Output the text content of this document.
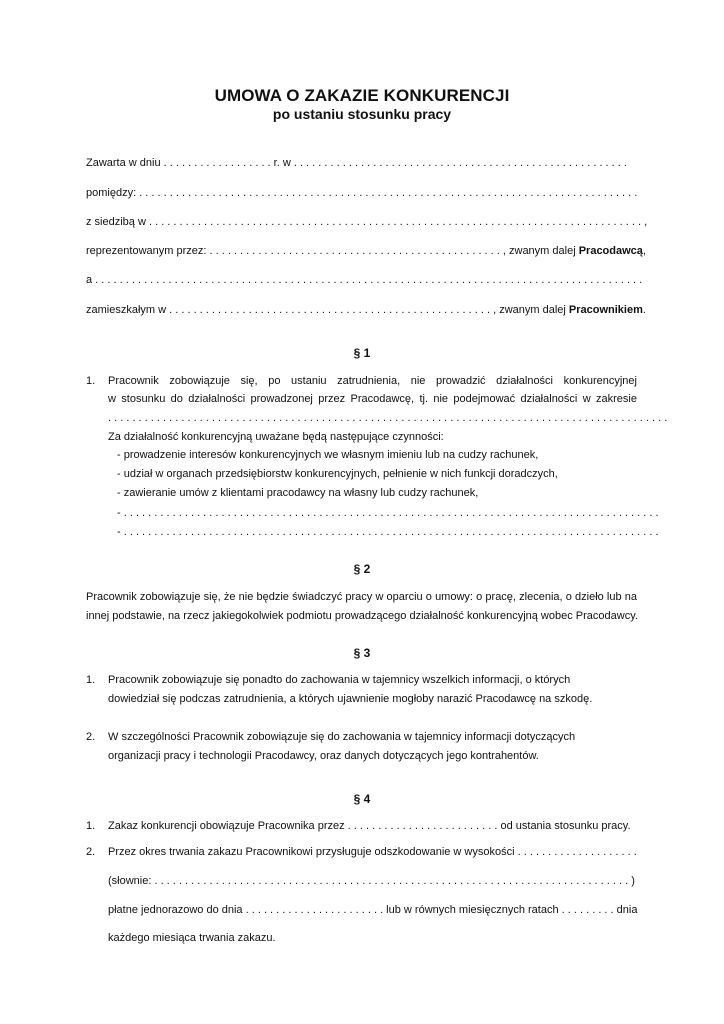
UMOWA O ZAKAZIE KONKURENCJI
po ustaniu stosunku pracy
Zawarta w dniu . . . . . . . . . . . . . . . . . . r. w . . . . . . . . . . . . . . . . . . . . . . . . . . . . . . . . . . . . . . . . . . . . . . . . . . . . . . .
pomiędzy: . . . . . . . . . . . . . . . . . . . . . . . . . . . . . . . . . . . . . . . . . . . . . . . . . . . . . . . . . . . . . . . . . . . . . . . . . . . . . . . . . .
z siedzibą w . . . . . . . . . . . . . . . . . . . . . . . . . . . . . . . . . . . . . . . . . . . . . . . . . . . . . . . . . . . . . . . . . . . . . . . . . . . . . . . . . ,
reprezentowanym przez: . . . . . . . . . . . . . . . . . . . . . . . . . . . . . . . . . . . . . . . . . . . . . . . . , zwanym dalej Pracodawcą,
a . . . . . . . . . . . . . . . . . . . . . . . . . . . . . . . . . . . . . . . . . . . . . . . . . . . . . . . . . . . . . . . . . . . . . . . . . . . . . . . . . . . . . . . . . .
zamieszkałym w . . . . . . . . . . . . . . . . . . . . . . . . . . . . . . . . . . . . . . . . . . . . . . . . . . . . . , zwanym dalej Pracownikiem.
§ 1
1. Pracownik zobowiązuje się, po ustaniu zatrudnienia, nie prowadzić działalności konkurencyjnej
w stosunku do działalności prowadzonej przez Pracodawcę, tj. nie podejmować działalności w zakresie
. . . . . . . . . . . . . . . . . . . . . . . . . . . . . . . . . . . . . . . . . . . . . . . . . . . . . . . . . . . . . . . . . . . . . . . . . . . . . . . . . . . . . . . . . . . .
Za działalność konkurencyjną uważane będą następujące czynności:
- prowadzenie interesów konkurencyjnych we własnym imieniu lub na cudzy rachunek,
- udział w organach przedsiębiorstw konkurencyjnych, pełnienie w nich funkcji doradczych,
- zawieranie umów z klientami pracodawcy na własny lub cudzy rachunek,
- . . . . . . . . . . . . . . . . . . . . . . . . . . . . . . . . . . . . . . . . . . . . . . . . . . . . . . . . . . . . . . . . . . . . . . . . . . . . . . . . . . . . . . . .
- . . . . . . . . . . . . . . . . . . . . . . . . . . . . . . . . . . . . . . . . . . . . . . . . . . . . . . . . . . . . . . . . . . . . . . . . . . . . . . . . . . . . . . . .
§ 2
Pracownik zobowiązuje się, że nie będzie świadczyć pracy w oparciu o umowy: o pracę, zlecenia, o dzieło lub na
innej podstawie, na rzecz jakiegokolwiek podmiotu prowadzącego działalność konkurencyjną wobec Pracodawcy.
§ 3
1. Pracownik zobowiązuje się ponadto do zachowania w tajemnicy wszelkich informacji, o których
dowiedział się podczas zatrudnienia, a których ujawnienie mogłoby narazić Pracodawcę na szkodę.
2. W szczególności Pracownik zobowiązuje się do zachowania w tajemnicy informacji dotyczących
organizacji pracy i technologii Pracodawcy, oraz danych dotyczących jego kontrahentów.
§ 4
1. Zakaz konkurencji obowiązuje Pracownika przez . . . . . . . . . . . . . . . . . . . . . . . . . od ustania stosunku pracy.
2. Przez okres trwania zakazu Pracownikowi przysługuje odszkodowanie w wysokości . . . . . . . . . . . . . . . . . . . .
(słownie: . . . . . . . . . . . . . . . . . . . . . . . . . . . . . . . . . . . . . . . . . . . . . . . . . . . . . . . . . . . . . . . . . . . . . . . . . . . . . . )
płatne jednorazowo do dnia . . . . . . . . . . . . . . . . . . . . . . . lub w równych miesięcznych ratach . . . . . . . . . dnia
każdego miesiąca trwania zakazu.
